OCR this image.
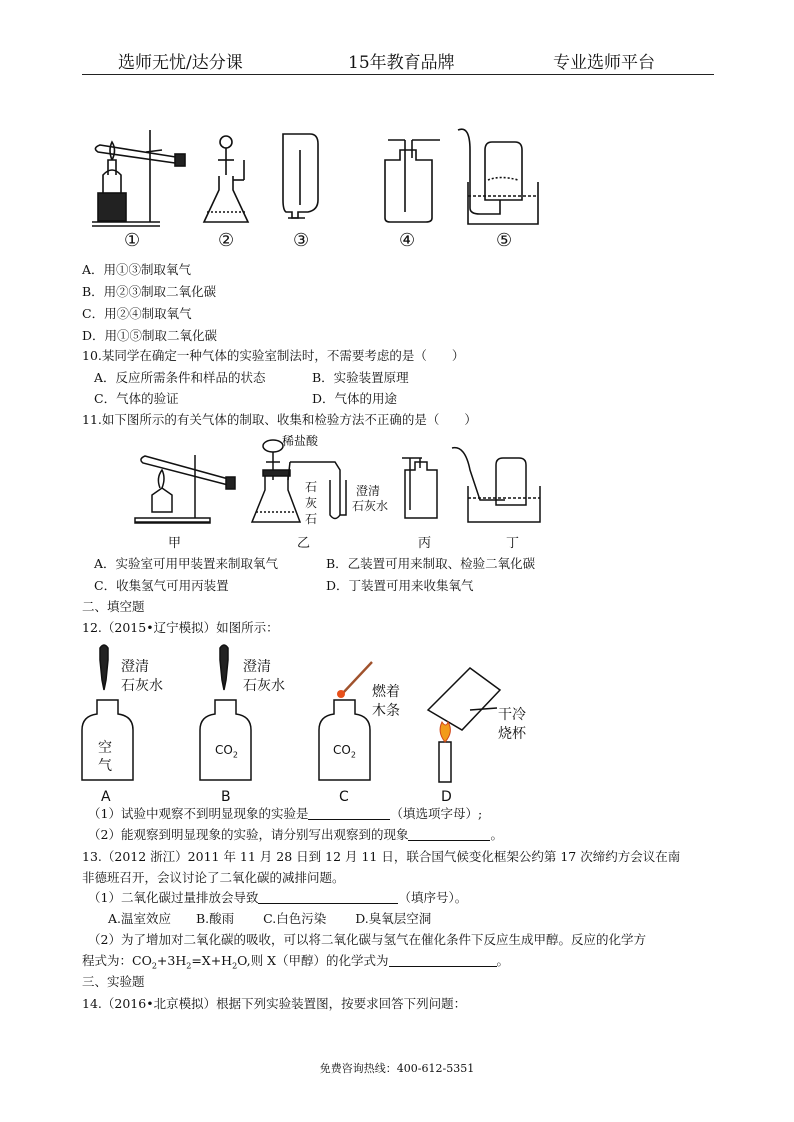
选师无忧/达分课	15年教育品牌	专业选师平台
①	②	③	④	⑤
A．用①③制取氧气
B．用②③制取二氧化碳
C．用②④制取氧气
D．用①⑤制取二氧化碳
10.某同学在确定一种气体的实验室制法时，不需要考虑的是（　　）
A．反应所需条件和样品的状态	B．实验装置原理
C．气体的验证	D．气体的用途
11.如下图所示的有关气体的制取、收集和检验方法不正确的是（　　）
稀盐酸
石
灰
石
澄清
石灰水
甲	乙	丙	丁
A．实验室可用甲装置来制取氧气	B．乙装置可用来制取、检验二氧化碳
C．收集氢气可用丙装置	D．丁装置可用来收集氧气
二、填空题
12.（2015•辽宁模拟）如图所示：
澄清
石灰水
澄清
石灰水
空
气
$CO_2$	$CO_2$
燃着
木条	干冷
烧杯
A	B	C	D
（1）试验中观察不到明显现象的实验是	（填选项字母）;
（2）能观察到明显现象的实验，请分别写出观察到的现象	。
13.（2012 浙江）2011 年 11 月 28 日到 12 月 11 日，联合国气候变化框架公约第 17 次缔约方会议在南
非德班召开，会议讨论了二氧化碳的减排问题。
（1）二氧化碳过量排放会导致	（填序号）。
A.温室效应　　B.酸雨　　 C.白色污染　　 D.臭氧层空洞
（2）为了增加对二氧化碳的吸收，可以将二氧化碳与氢气在催化条件下反应生成甲醇。反应的化学方
程式为：$CO_2+3H_2=X+H_2O$,则 X（甲醇）的化学式为	。
三、实验题
14.（2016•北京模拟）根据下列实验装置图，按要求回答下列问题：
免费咨询热线：400-612-5351
